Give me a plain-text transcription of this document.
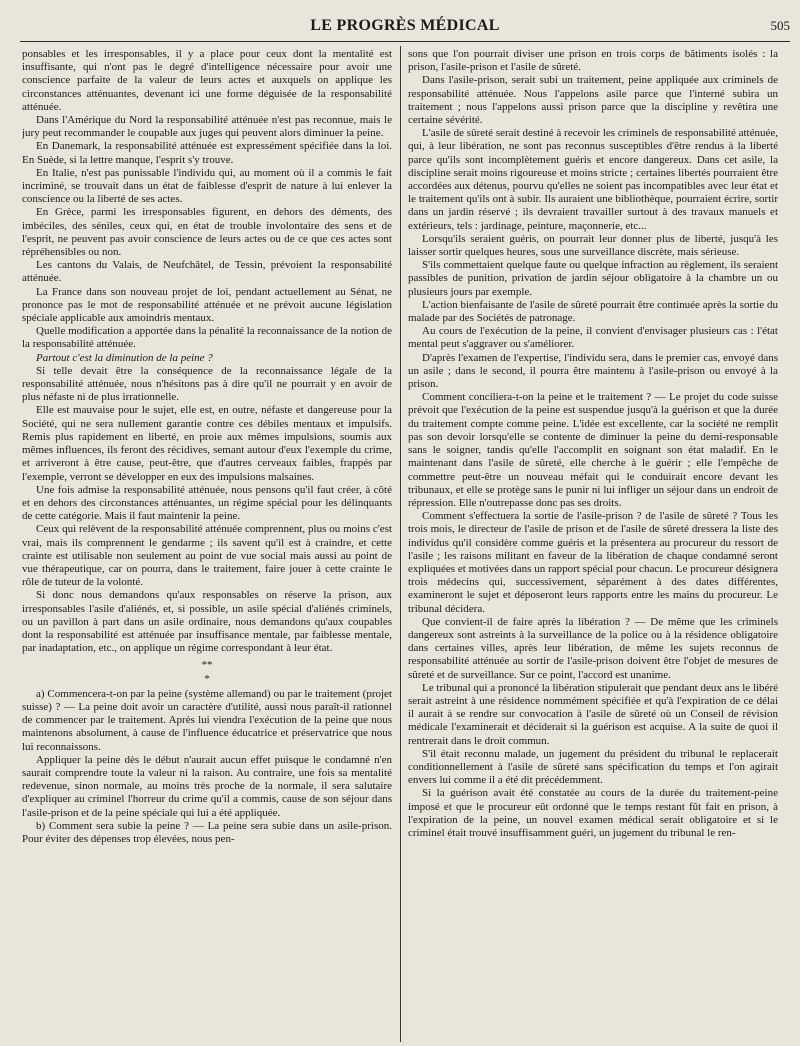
LE PROGRÈS MÉDICAL	505

ponsables et les irresponsables, il y a place pour ceux dont la mentalité est insuffisante, qui n'ont pas le degré d'intelligence nécessaire pour avoir une conscience parfaite de la valeur de leurs actes et auxquels on applique les circonstances atténuantes, devenant ici une forme déguisée de la responsabilité atténuée.

Dans l'Amérique du Nord la responsabilité atténuée n'est pas reconnue, mais le jury peut recommander le coupable aux juges qui peuvent alors diminuer la peine.

En Danemark, la responsabilité atténuée est expressément spécifiée dans la loi. En Suède, si la lettre manque, l'esprit s'y trouve.

En Italie, n'est pas punissable l'individu qui, au moment où il a commis le fait incriminé, se trouvait dans un état de faiblesse d'esprit de nature à lui enlever la conscience ou la liberté de ses actes.

En Grèce, parmi les irresponsables figurent, en dehors des déments, des imbéciles, des séniles, ceux qui, en état de trouble involontaire des sens et de l'esprit, ne peuvent pas avoir conscience de leurs actes ou de ce que ces actes sont répréhensibles ou non.

Les cantons du Valais, de Neufchâtel, de Tessin, prévoient la responsabilité atténuée.

La France dans son nouveau projet de loi, pendant actuellement au Sénat, ne prononce pas le mot de responsabilité atténuée et ne prévoit aucune législation spéciale applicable aux amoindris mentaux.

Quelle modification a apportée dans la pénalité la reconnaissance de la notion de la responsabilité atténuée.

Partout c'est la diminution de la peine ?

Si telle devait être la conséquence de la reconnaissance légale de la responsabilité atténuée, nous n'hésitons pas à dire qu'il ne pourrait y en avoir de plus néfaste ni de plus irrationnelle.

Elle est mauvaise pour le sujet, elle est, en outre, néfaste et dangereuse pour la Société, qui ne sera nullement garantie contre ces débiles mentaux et impulsifs. Remis plus rapidement en liberté, en proie aux mêmes impulsions, soumis aux mêmes influences, ils feront des récidives, semant autour d'eux l'exemple du crime, et arriveront à être cause, peut-être, que d'autres cerveaux faibles, frappés par l'exemple, verront se développer en eux des impulsions malsaines.

Une fois admise la responsabilité atténuée, nous pensons qu'il faut créer, à côté et en dehors des circonstances atténuantes, un régime spécial pour les délinquants de cette catégorie. Mais il faut maintenir la peine.

Ceux qui relèvent de la responsabilité atténuée comprennent, plus ou moins c'est vrai, mais ils comprennent le gendarme ; ils savent qu'il est à craindre, et cette crainte est utilisable non seulement au point de vue social mais aussi au point de vue thérapeutique, car on pourra, dans le traitement, faire jouer à cette crainte le rôle de tuteur de la volonté.

Si donc nous demandons qu'aux responsables on réserve la prison, aux irresponsables l'asile d'aliénés, et, si possible, un asile spécial d'aliénés criminels, ou un pavillon à part dans un asile ordinaire, nous demandons qu'aux coupables dont la responsabilité est atténuée par insuffisance mentale, par faiblesse mentale, par inadaptation, etc., on applique un régime correspondant à leur état.

**
*

a) Commencera-t-on par la peine (système allemand) ou par le traitement (projet suisse) ? — La peine doit avoir un caractère d'utilité, aussi nous paraît-il rationnel de commencer par le traitement. Après lui viendra l'exécution de la peine que nous maintenons absolument, à cause de l'influence éducatrice et préservatrice que nous lui reconnaissons.

Appliquer la peine dès le début n'aurait aucun effet puisque le condamné n'en saurait comprendre toute la valeur ni la raison. Au contraire, une fois sa mentalité redevenue, sinon normale, au moins très proche de la normale, il sera salutaire d'expliquer au criminel l'horreur du crime qu'il a commis, cause de son séjour dans l'asile-prison et de la peine spéciale qui lui a été appliquée.

b) Comment sera subie la peine ? — La peine sera subie dans un asile-prison. Pour éviter des dépenses trop élevées, nous pen-

sons que l'on pourrait diviser une prison en trois corps de bâtiments isolés : la prison, l'asile-prison et l'asile de sûreté.

Dans l'asile-prison, serait subi un traitement, peine appliquée aux criminels de responsabilité atténuée. Nous l'appelons asile parce que l'interné subira un traitement ; nous l'appelons aussi prison parce que la discipline y revêtira une certaine sévérité.

L'asile de sûreté serait destiné à recevoir les criminels de responsabilité atténuée, qui, à leur libération, ne sont pas reconnus susceptibles d'être rendus à la liberté parce qu'ils sont incomplètement guéris et encore dangereux. Dans cet asile, la discipline serait moins rigoureuse et moins stricte ; certaines libertés pourraient être accordées aux détenus, pourvu qu'elles ne soient pas incompatibles avec leur état et le traitement qu'ils ont à subir. Ils auraient une bibliothèque, pourraient écrire, sortir dans un jardin réservé ; ils devraient travailler surtout à des travaux manuels et extérieurs, tels : jardinage, peinture, maçonnerie, etc...

Lorsqu'ils seraient guéris, on pourrait leur donner plus de liberté, jusqu'à les laisser sortir quelques heures, sous une surveillance discrète, mais sérieuse.

S'ils commettaient quelque faute ou quelque infraction au règlement, ils seraient passibles de punition, privation de jardin séjour obligatoire à la chambre un ou plusieurs jours par exemple.

L'action bienfaisante de l'asile de sûreté pourrait être continuée après la sortie du malade par des Sociétés de patronage.

Au cours de l'exécution de la peine, il convient d'envisager plusieurs cas : l'état mental peut s'aggraver ou s'améliorer.

D'après l'examen de l'expertise, l'individu sera, dans le premier cas, envoyé dans un asile ; dans le second, il pourra être maintenu à l'asile-prison ou envoyé à la prison.

Comment conciliera-t-on la peine et le traitement ? — Le projet du code suisse prévoit que l'exécution de la peine est suspendue jusqu'à la guérison et que la durée du traitement compte comme peine. L'idée est excellente, car la société ne remplit pas son devoir lorsqu'elle se contente de diminuer la peine du demi-responsable sans le soigner, tandis qu'elle l'accomplit en soignant son état maladif. En le maintenant dans l'asile de sûreté, elle cherche à le guérir ; elle l'empêche de commettre peut-être un nouveau méfait qui le conduirait encore devant les tribunaux, et elle se protège sans le punir ni lui infliger un séjour dans un endroit de répression. Elle n'outrepasse donc pas ses droits.

Comment s'effectuera la sortie de l'asile-prison ? de l'asile de sûreté ? Tous les trois mois, le directeur de l'asile de prison et de l'asile de sûreté dressera la liste des individus qu'il considère comme guéris et la présentera au procureur du ressort de l'asile ; les raisons militant en faveur de la libération de chaque condamné seront expliquées et motivées dans un rapport spécial pour chacun. Le procureur désignera trois médecins qui, successivement, séparément à des dates différentes, examineront le sujet et déposeront leurs rapports entre les mains du procureur. Le tribunal décidera.

Que convient-il de faire après la libération ? — De même que les criminels dangereux sont astreints à la surveillance de la police ou à la résidence obligatoire dans certaines villes, après leur libération, de même les sujets reconnus de responsabilité atténuée au sortir de l'asile-prison doivent être l'objet de mesures de sûreté et de surveillance. Sur ce point, l'accord est unanime.

Le tribunal qui a prononcé la libération stipulerait que pendant deux ans le libéré serait astreint à une résidence nommément spécifiée et qu'à l'expiration de ce délai il aurait à se rendre sur convocation à l'asile de sûreté où un Conseil de révision médicale l'examinerait et déciderait si la guérison est acquise. A la suite de quoi il rentrerait dans le droit commun.

S'il était reconnu malade, un jugement du président du tribunal le replacerait conditionnellement à l'asile de sûreté sans spécification du temps et l'on agirait envers lui comme il a été dit précédemment.

Si la guérison avait été constatée au cours de la durée du traitement-peine imposé et que le procureur eût ordonné que le temps restant fût fait en prison, à l'expiration de la peine, un nouvel examen médical serait obligatoire et si le criminel était trouvé insuffisamment guéri, un jugement du tribunal le ren-
